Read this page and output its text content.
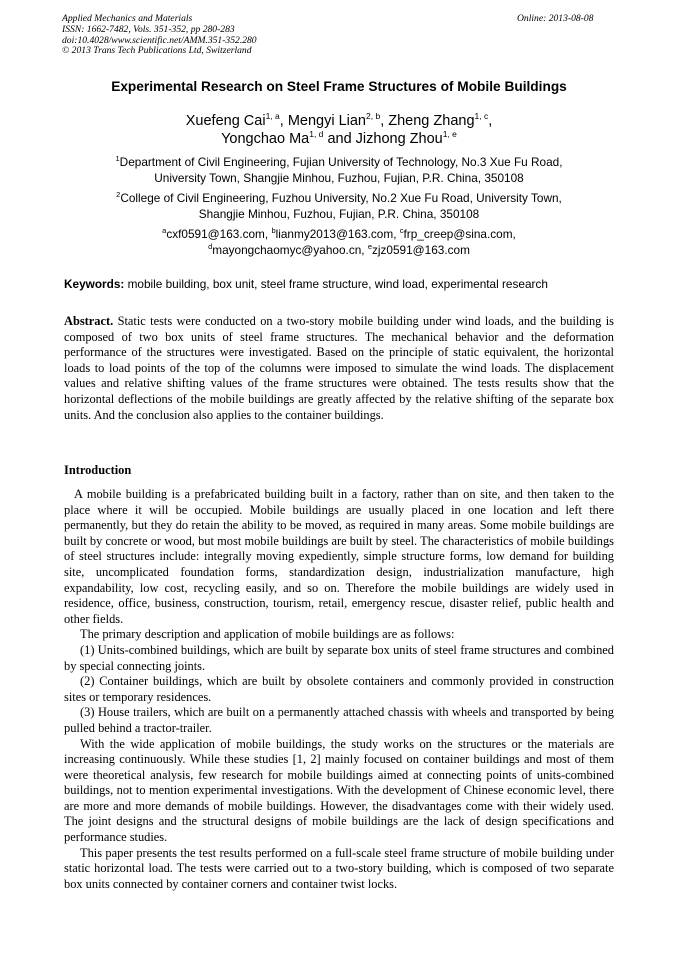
Applied Mechanics and Materials
ISSN: 1662-7482, Vols. 351-352, pp 280-283
doi:10.4028/www.scientific.net/AMM.351-352.280
© 2013 Trans Tech Publications Ltd, Switzerland
Online: 2013-08-08
Experimental Research on Steel Frame Structures of Mobile Buildings
Xuefeng Cai$^{1, a}$, Mengyi Lian$^{2, b}$, Zheng Zhang$^{1, c}$,
Yongchao Ma$^{1, d}$ and Jizhong Zhou$^{1, e}$
$^1$Department of Civil Engineering, Fujian University of Technology, No.3 Xue Fu Road,
University Town, Shangjie Minhou, Fuzhou, Fujian, P.R. China, 350108
$^2$College of Civil Engineering, Fuzhou University, No.2 Xue Fu Road, University Town,
Shangjie Minhou, Fuzhou, Fujian, P.R. China, 350108
$^a$cxf0591@163.com, $^b$lianmy2013@163.com, $^c$frp_creep@sina.com,
$^d$mayongchaomyc@yahoo.cn, $^e$zjz0591@163.com
Keywords: mobile building, box unit, steel frame structure, wind load, experimental research

Abstract. Static tests were conducted on a two-story mobile building under wind loads, and the building is composed of two box units of steel frame structures. The mechanical behavior and the deformation performance of the structures were investigated. Based on the principle of static equivalent, the horizontal loads to load points of the top of the columns were imposed to simulate the wind loads. The displacement values and relative shifting values of the frame structures were obtained. The tests results show that the horizontal deflections of the mobile buildings are greatly affected by the relative shifting of the separate box units. And the conclusion also applies to the container buildings.

Introduction

A mobile building is a prefabricated building built in a factory, rather than on site, and then taken to the place where it will be occupied. Mobile buildings are usually placed in one location and left there permanently, but they do retain the ability to be moved, as required in many areas. Some mobile buildings are built by concrete or wood, but most mobile buildings are built by steel. The characteristics of mobile buildings of steel structures include: integrally moving expediently, simple structure forms, low demand for building site, uncomplicated foundation forms, standardization design, industrialization manufacture, high expandability, low cost, recycling easily, and so on. Therefore the mobile buildings are widely used in residence, office, business, construction, tourism, retail, emergency rescue, disaster relief, public health and other fields.

The primary description and application of mobile buildings are as follows:

(1) Units-combined buildings, which are built by separate box units of steel frame structures and combined by special connecting joints.

(2) Container buildings, which are built by obsolete containers and commonly provided in construction sites or temporary residences.

(3) House trailers, which are built on a permanently attached chassis with wheels and transported by being pulled behind a tractor-trailer.

With the wide application of mobile buildings, the study works on the structures or the materials are increasing continuously. While these studies [1, 2] mainly focused on container buildings and most of them were theoretical analysis, few research for mobile buildings aimed at connecting points of units-combined buildings, not to mention experimental investigations. With the development of Chinese economic level, there are more and more demands of mobile buildings. However, the disadvantages come with their widely used. The joint designs and the structural designs of mobile buildings are the lack of design specifications and performance studies.

This paper presents the test results performed on a full-scale steel frame structure of mobile building under static horizontal load. The tests were carried out to a two-story building, which is composed of two separate box units connected by container corners and container twist locks.
